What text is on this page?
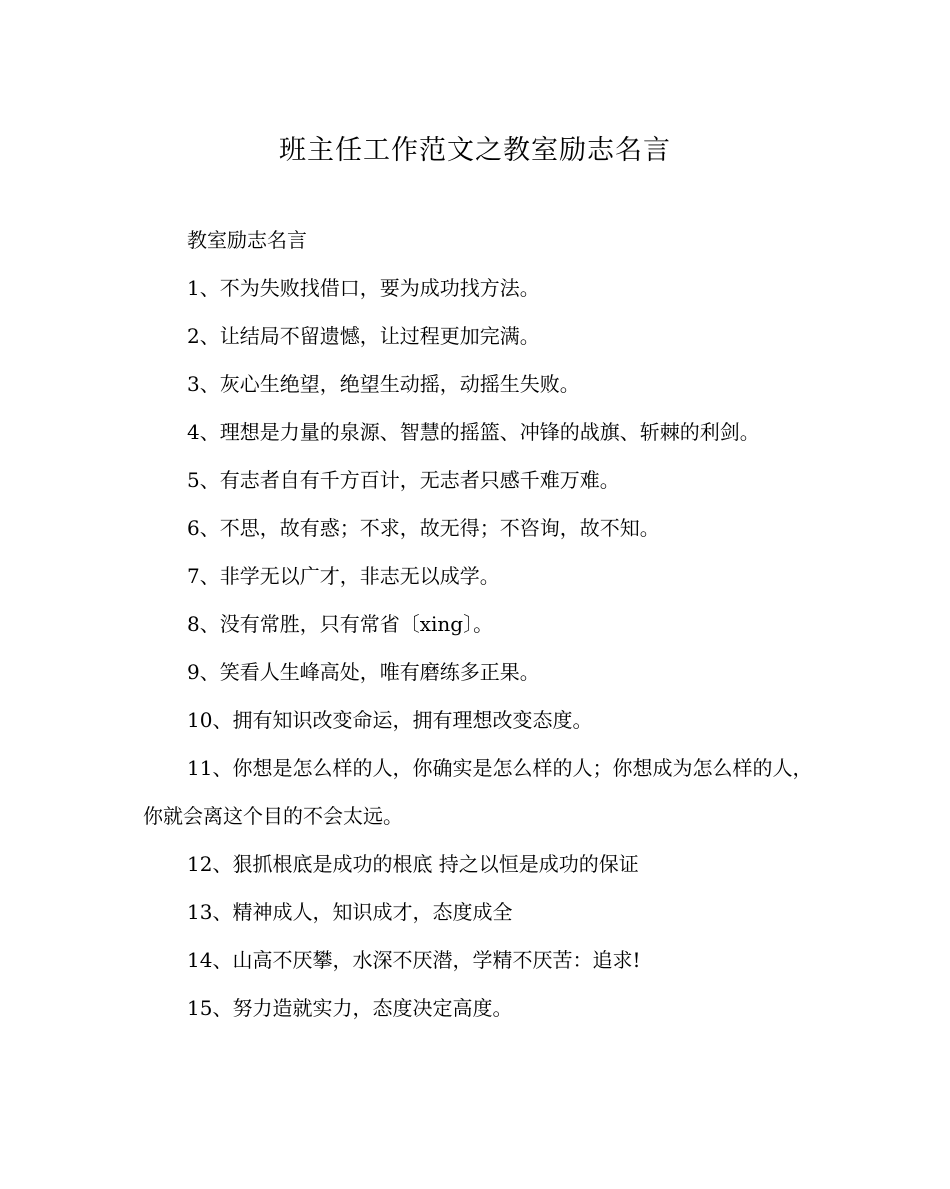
班主任工作范文之教室励志名言

教室励志名言

1、不为失败找借口，要为成功找方法。

2、让结局不留遗憾，让过程更加完满。

3、灰心生绝望，绝望生动摇，动摇生失败。

4、理想是力量的泉源、智慧的摇篮、冲锋的战旗、斩棘的利剑。

5、有志者自有千方百计，无志者只感千难万难。

6、不思，故有惑；不求，故无得；不咨询，故不知。

7、非学无以广才，非志无以成学。

8、没有常胜，只有常省〔xing〕。

9、笑看人生峰高处，唯有磨练多正果。

10、拥有知识改变命运，拥有理想改变态度。

11、你想是怎么样的人，你确实是怎么样的人；你想成为怎么样的人，你就会离这个目的不会太远。

12、狠抓根底是成功的根底 持之以恒是成功的保证

13、精神成人，知识成才，态度成全

14、山高不厌攀，水深不厌潜，学精不厌苦：追求!

15、努力造就实力，态度决定高度。
